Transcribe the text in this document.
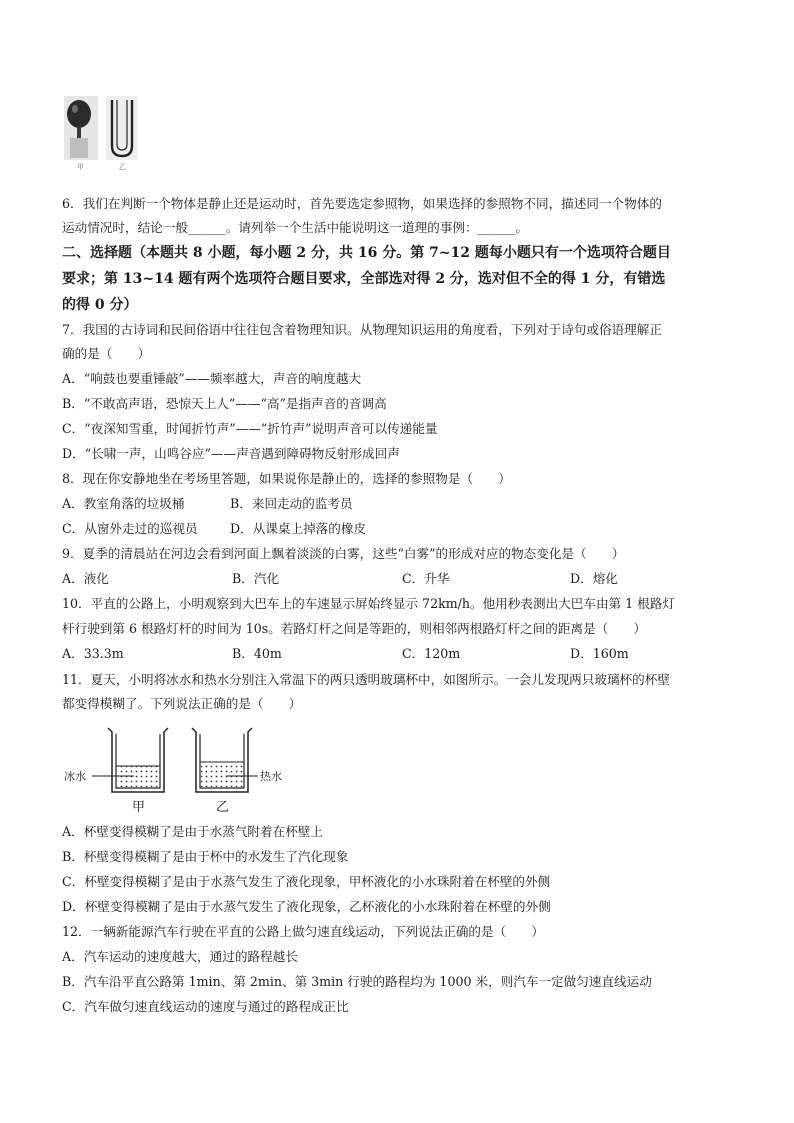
甲	乙
6．我们在判断一个物体是静止还是运动时，首先要选定参照物，如果选择的参照物不同，描述同一个物体的
运动情况时，结论一般______。请列举一个生活中能说明这一道理的事例：______。
二、选择题（本题共 8 小题，每小题 2 分，共 16 分。第 7~12 题每小题只有一个选项符合题目
要求；第 13~14 题有两个选项符合题目要求，全部选对得 2 分，选对但不全的得 1 分，有错选
的得 0 分）
7．我国的古诗词和民间俗语中往往包含着物理知识。从物理知识运用的角度看，下列对于诗句或俗语理解正
确的是（　　）
A．“响鼓也要重锤敲”——频率越大，声音的响度越大
B．“不敢高声语，恐惊天上人”——“高”是指声音的音调高
C．“夜深知雪重，时闻折竹声”——“折竹声”说明声音可以传递能量
D．“长啸一声，山鸣谷应”——声音遇到障碍物反射形成回声
8．现在你安静地坐在考场里答题，如果说你是静止的，选择的参照物是（　　）
A．教室角落的垃圾桶	B．来回走动的监考员
C．从窗外走过的巡视员	D．从课桌上掉落的橡皮
9．夏季的清晨站在河边会看到河面上飘着淡淡的白雾，这些“白雾”的形成对应的物态变化是（　　）
A．液化	B．汽化	C．升华	D．熔化
10．平直的公路上，小明观察到大巴车上的车速显示屏始终显示 72km/h。他用秒表测出大巴车由第 1 根路灯
杆行驶到第 6 根路灯杆的时间为 10s。若路灯杆之间是等距的，则相邻两根路灯杆之间的距离是（　　）
A．33.3m	B．40m	C．120m	D．160m
11．夏天，小明将冰水和热水分别注入常温下的两只透明玻璃杯中，如图所示。一会儿发现两只玻璃杯的杯壁
都变得模糊了。下列说法正确的是（　　）
冰水	热水
甲	乙
A．杯壁变得模糊了是由于水蒸气附着在杯壁上
B．杯壁变得模糊了是由于杯中的水发生了汽化现象
C．杯壁变得模糊了是由于水蒸气发生了液化现象，甲杯液化的小水珠附着在杯壁的外侧
D．杯壁变得模糊了是由于水蒸气发生了液化现象，乙杯液化的小水珠附着在杯壁的外侧
12．一辆新能源汽车行驶在平直的公路上做匀速直线运动，下列说法正确的是（　　）
A．汽车运动的速度越大，通过的路程越长
B．汽车沿平直公路第 1min、第 2min、第 3min 行驶的路程均为 1000 米，则汽车一定做匀速直线运动
C．汽车做匀速直线运动的速度与通过的路程成正比
